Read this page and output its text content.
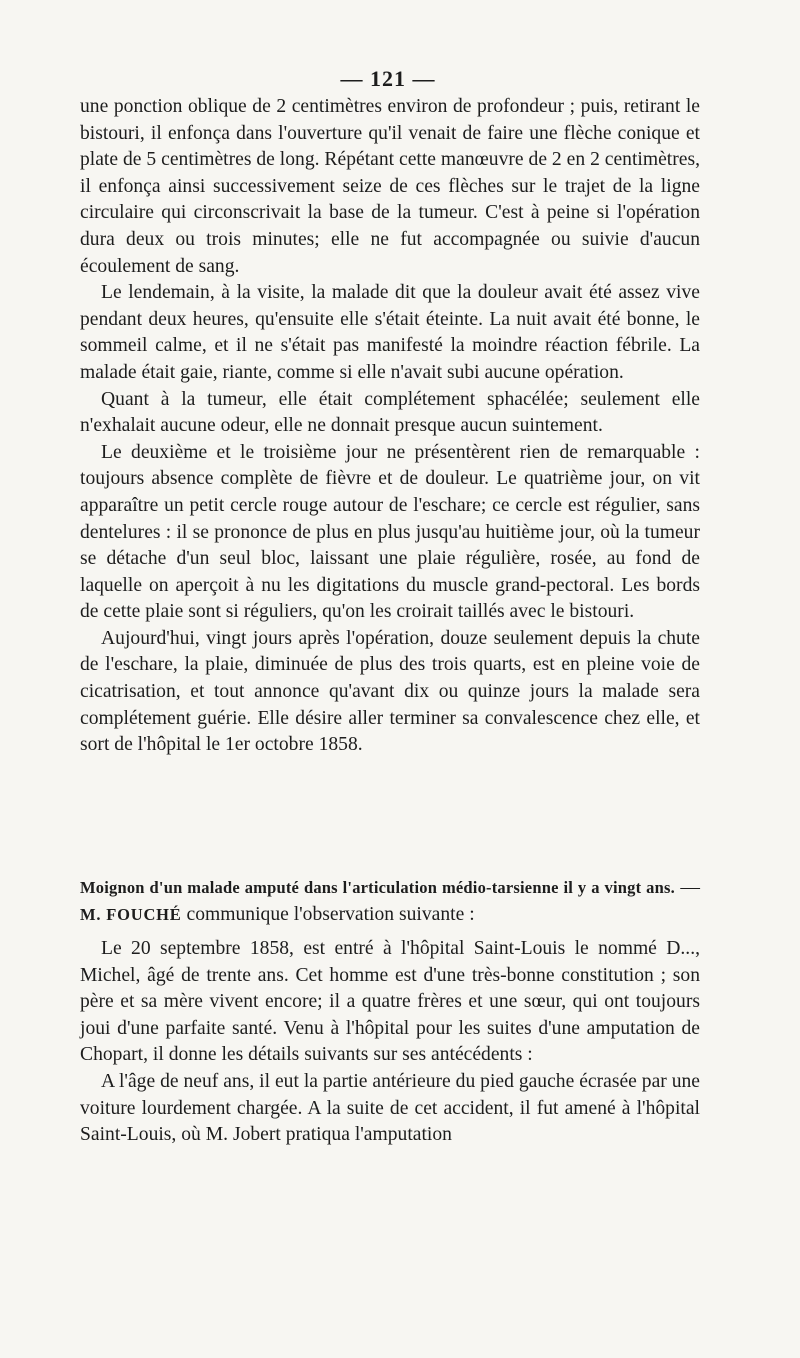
— 121 —

une ponction oblique de 2 centimètres environ de profondeur ; puis, retirant le bistouri, il enfonça dans l'ouverture qu'il venait de faire une flèche conique et plate de 5 centimètres de long. Répétant cette manœuvre de 2 en 2 centimètres, il enfonça ainsi successivement seize de ces flèches sur le trajet de la ligne circulaire qui circonscrivait la base de la tumeur. C'est à peine si l'opération dura deux ou trois minutes; elle ne fut accompagnée ou suivie d'aucun écoulement de sang.

Le lendemain, à la visite, la malade dit que la douleur avait été assez vive pendant deux heures, qu'ensuite elle s'était éteinte. La nuit avait été bonne, le sommeil calme, et il ne s'était pas manifesté la moindre réaction fébrile. La malade était gaie, riante, comme si elle n'avait subi aucune opération.

Quant à la tumeur, elle était complétement sphacélée; seulement elle n'exhalait aucune odeur, elle ne donnait presque aucun suintement.

Le deuxième et le troisième jour ne présentèrent rien de remarquable : toujours absence complète de fièvre et de douleur. Le quatrième jour, on vit apparaître un petit cercle rouge autour de l'eschare; ce cercle est régulier, sans dentelures : il se prononce de plus en plus jusqu'au huitième jour, où la tumeur se détache d'un seul bloc, laissant une plaie régulière, rosée, au fond de laquelle on aperçoit à nu les digitations du muscle grand-pectoral. Les bords de cette plaie sont si réguliers, qu'on les croirait taillés avec le bistouri.

Aujourd'hui, vingt jours après l'opération, douze seulement depuis la chute de l'eschare, la plaie, diminuée de plus des trois quarts, est en pleine voie de cicatrisation, et tout annonce qu'avant dix ou quinze jours la malade sera complétement guérie. Elle désire aller terminer sa convalescence chez elle, et sort de l'hôpital le 1er octobre 1858.

Moignon d'un malade amputé dans l'articulation médio-tarsienne il y a vingt ans. — M. FOUCHÉ communique l'observation suivante :

Le 20 septembre 1858, est entré à l'hôpital Saint-Louis le nommé D..., Michel, âgé de trente ans. Cet homme est d'une très-bonne constitution ; son père et sa mère vivent encore; il a quatre frères et une sœur, qui ont toujours joui d'une parfaite santé. Venu à l'hôpital pour les suites d'une amputation de Chopart, il donne les détails suivants sur ses antécédents :

A l'âge de neuf ans, il eut la partie antérieure du pied gauche écrasée par une voiture lourdement chargée. A la suite de cet accident, il fut amené à l'hôpital Saint-Louis, où M. Jobert pratiqua l'amputation
